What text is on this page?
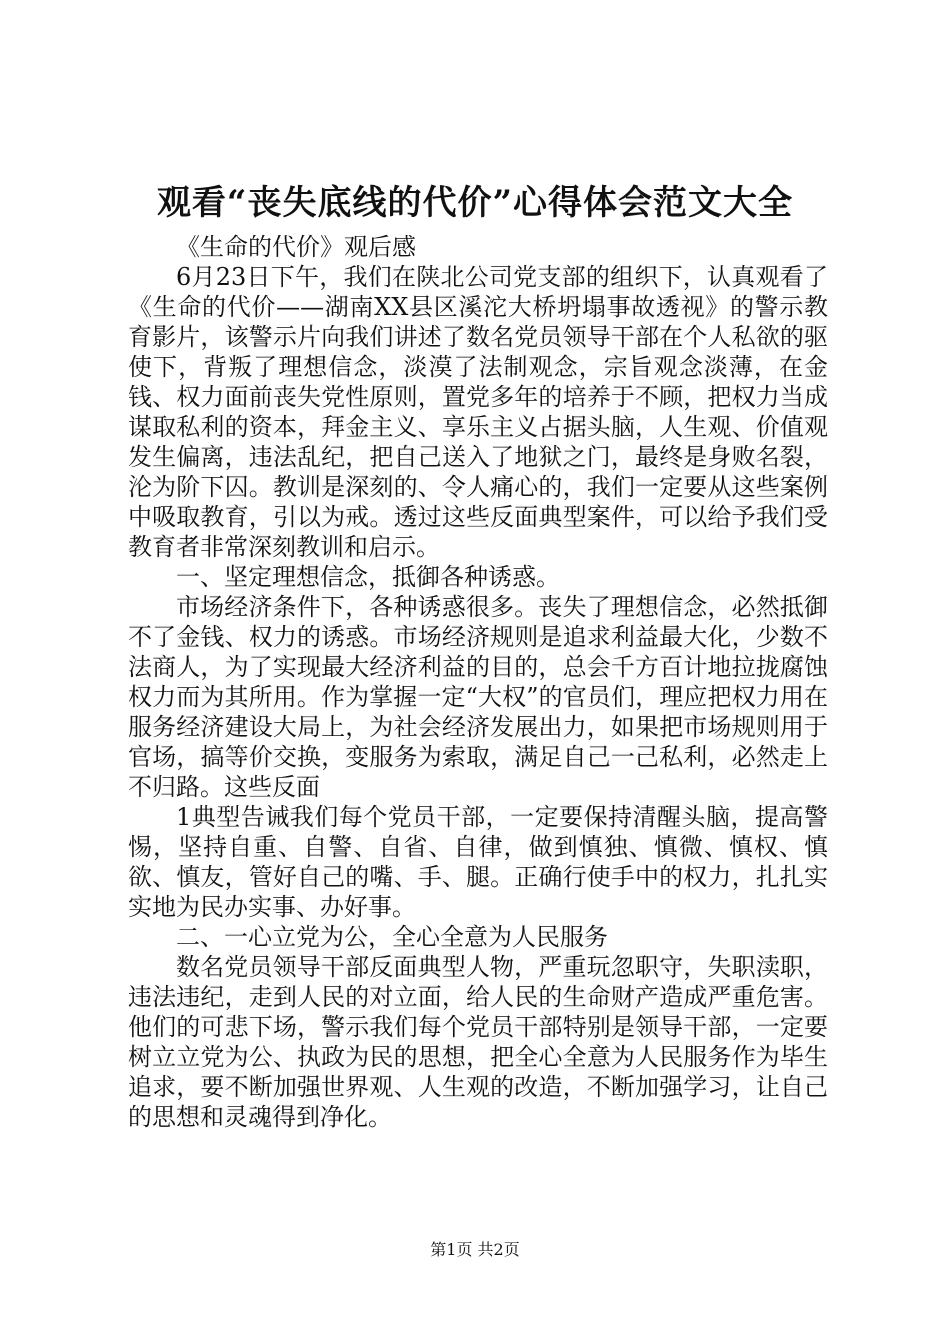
观看“丧失底线的代价”心得体会范文大全

《生命的代价》观后感

6月23日下午，我们在陕北公司党支部的组织下，认真观看了《生命的代价——湖南XX县区溪沱大桥坍塌事故透视》的警示教育影片，该警示片向我们讲述了数名党员领导干部在个人私欲的驱使下，背叛了理想信念，淡漠了法制观念，宗旨观念淡薄，在金钱、权力面前丧失党性原则，置党多年的培养于不顾，把权力当成谋取私利的资本，拜金主义、享乐主义占据头脑，人生观、价值观发生偏离，违法乱纪，把自己送入了地狱之门，最终是身败名裂，沦为阶下囚。教训是深刻的、令人痛心的，我们一定要从这些案例中吸取教育，引以为戒。透过这些反面典型案件，可以给予我们受教育者非常深刻教训和启示。

一、坚定理想信念，抵御各种诱惑。

市场经济条件下，各种诱惑很多。丧失了理想信念，必然抵御不了金钱、权力的诱惑。市场经济规则是追求利益最大化，少数不法商人，为了实现最大经济利益的目的，总会千方百计地拉拢腐蚀权力而为其所用。作为掌握一定“大权”的官员们，理应把权力用在服务经济建设大局上，为社会经济发展出力，如果把市场规则用于官场，搞等价交换，变服务为索取，满足自己一己私利，必然走上不归路。这些反面

1典型告诫我们每个党员干部，一定要保持清醒头脑，提高警惕，坚持自重、自警、自省、自律，做到慎独、慎微、慎权、慎欲、慎友，管好自己的嘴、手、腿。正确行使手中的权力，扎扎实实地为民办实事、办好事。

二、一心立党为公，全心全意为人民服务

数名党员领导干部反面典型人物，严重玩忽职守，失职渎职，违法违纪，走到人民的对立面，给人民的生命财产造成严重危害。他们的可悲下场，警示我们每个党员干部特别是领导干部，一定要树立立党为公、执政为民的思想，把全心全意为人民服务作为毕生追求，要不断加强世界观、人生观的改造，不断加强学习，让自己的思想和灵魂得到净化。

第1页 共2页
